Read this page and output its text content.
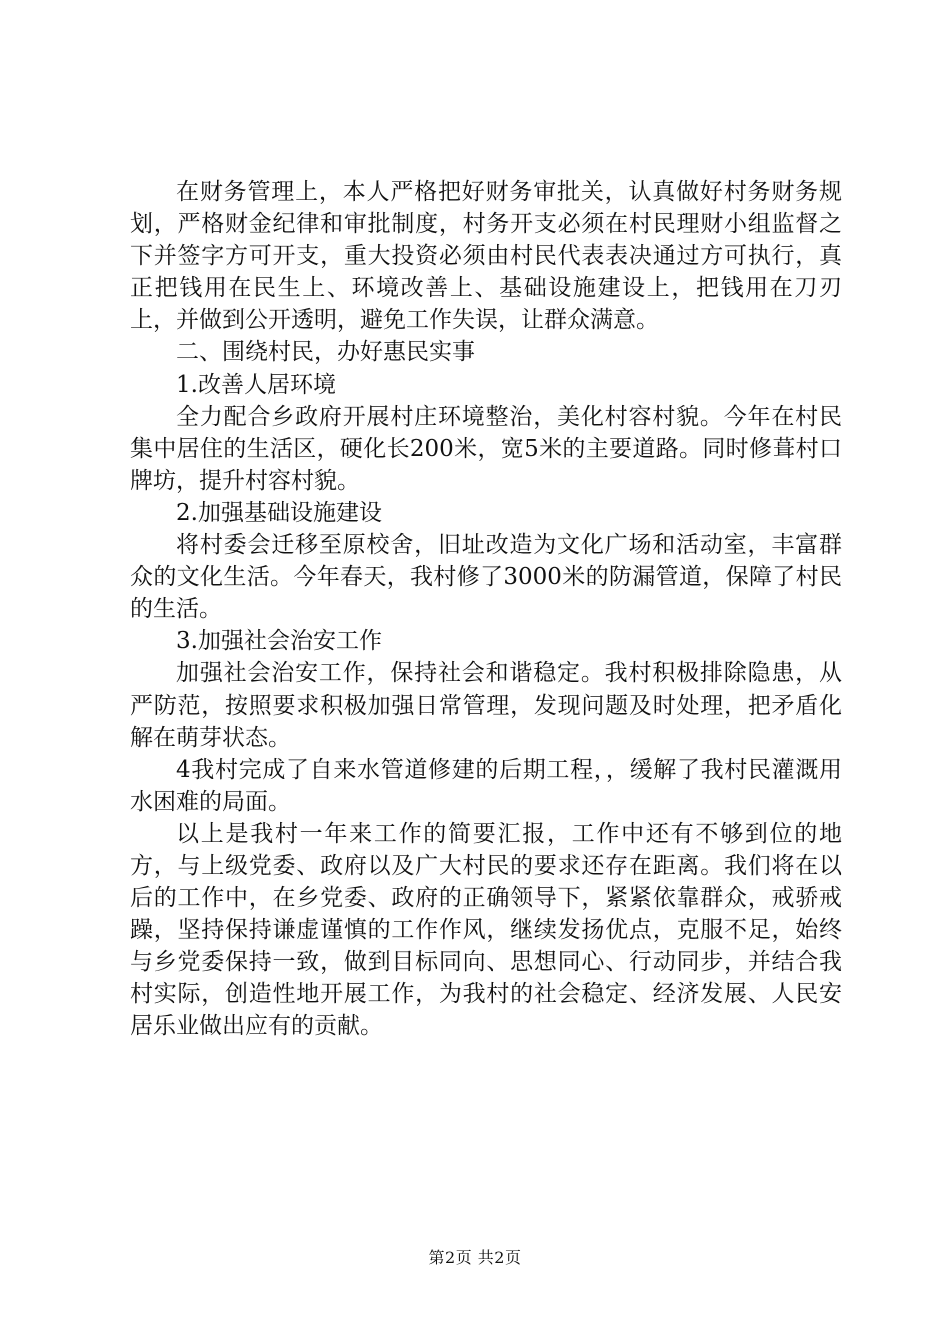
在财务管理上，本人严格把好财务审批关，认真做好村务财务规划，严格财金纪律和审批制度，村务开支必须在村民理财小组监督之下并签字方可开支，重大投资必须由村民代表表决通过方可执行，真正把钱用在民生上、环境改善上、基础设施建设上，把钱用在刀刃上，并做到公开透明，避免工作失误，让群众满意。

二、围绕村民，办好惠民实事

1.改善人居环境

全力配合乡政府开展村庄环境整治，美化村容村貌。今年在村民集中居住的生活区，硬化长200米，宽5米的主要道路。同时修葺村口牌坊，提升村容村貌。

2.加强基础设施建设

将村委会迁移至原校舍，旧址改造为文化广场和活动室，丰富群众的文化生活。今年春天，我村修了3000米的防漏管道，保障了村民的生活。

3.加强社会治安工作

加强社会治安工作，保持社会和谐稳定。我村积极排除隐患，从严防范，按照要求积极加强日常管理，发现问题及时处理，把矛盾化解在萌芽状态。

4我村完成了自来水管道修建的后期工程，，缓解了我村民灌溉用水困难的局面。

以上是我村一年来工作的简要汇报，工作中还有不够到位的地方，与上级党委、政府以及广大村民的要求还存在距离。我们将在以后的工作中，在乡党委、政府的正确领导下，紧紧依靠群众，戒骄戒躁，坚持保持谦虚谨慎的工作作风，继续发扬优点，克服不足，始终与乡党委保持一致，做到目标同向、思想同心、行动同步，并结合我村实际，创造性地开展工作，为我村的社会稳定、经济发展、人民安居乐业做出应有的贡献。

第2页 共2页
